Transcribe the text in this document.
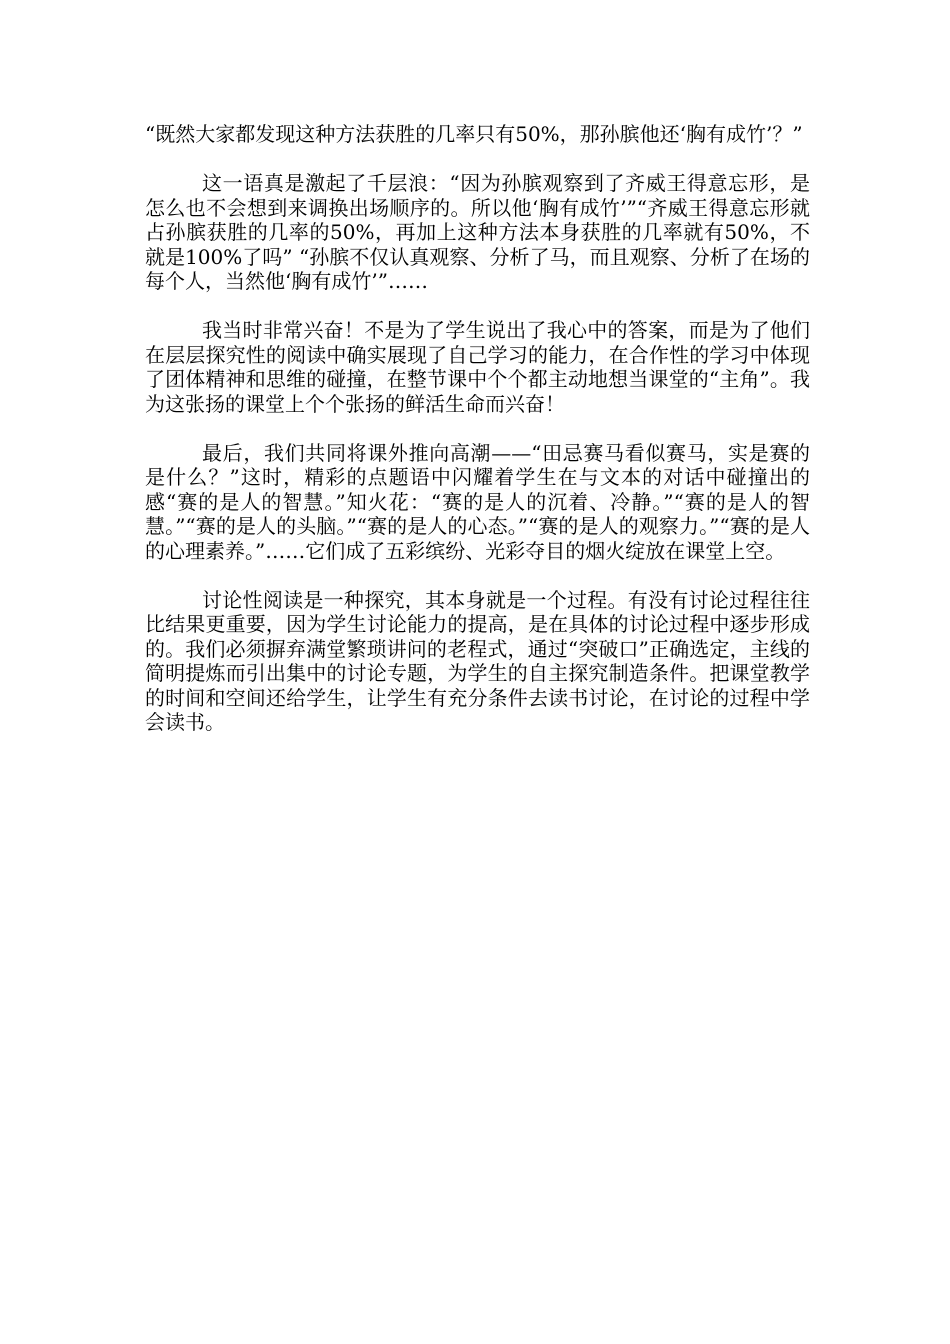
“既然大家都发现这种方法获胜的几率只有50%，那孙膑他还‘胸有成竹’？”

这一语真是激起了千层浪：“因为孙膑观察到了齐威王得意忘形，是怎么也不会想到来调换出场顺序的。所以他‘胸有成竹’”“齐威王得意忘形就占孙膑获胜的几率的50%，再加上这种方法本身获胜的几率就有50%，不就是100%了吗” “孙膑不仅认真观察、分析了马，而且观察、分析了在场的每个人，当然他‘胸有成竹’”……

我当时非常兴奋！不是为了学生说出了我心中的答案，而是为了他们在层层探究性的阅读中确实展现了自己学习的能力，在合作性的学习中体现了团体精神和思维的碰撞，在整节课中个个都主动地想当课堂的“主角”。我为这张扬的课堂上个个张扬的鲜活生命而兴奋！

最后，我们共同将课外推向高潮——“田忌赛马看似赛马，实是赛的是什么？”这时，精彩的点题语中闪耀着学生在与文本的对话中碰撞出的感“赛的是人的智慧。”知火花：“赛的是人的沉着、冷静。”“赛的是人的智慧。”“赛的是人的头脑。”“赛的是人的心态。”“赛的是人的观察力。”“赛的是人的心理素养。”……它们成了五彩缤纷、光彩夺目的烟火绽放在课堂上空。

讨论性阅读是一种探究，其本身就是一个过程。有没有讨论过程往往比结果更重要，因为学生讨论能力的提高，是在具体的讨论过程中逐步形成的。我们必须摒弃满堂繁琐讲问的老程式，通过“突破口”正确选定，主线的简明提炼而引出集中的讨论专题，为学生的自主探究制造条件。把课堂教学的时间和空间还给学生，让学生有充分条件去读书讨论，在讨论的过程中学会读书。
